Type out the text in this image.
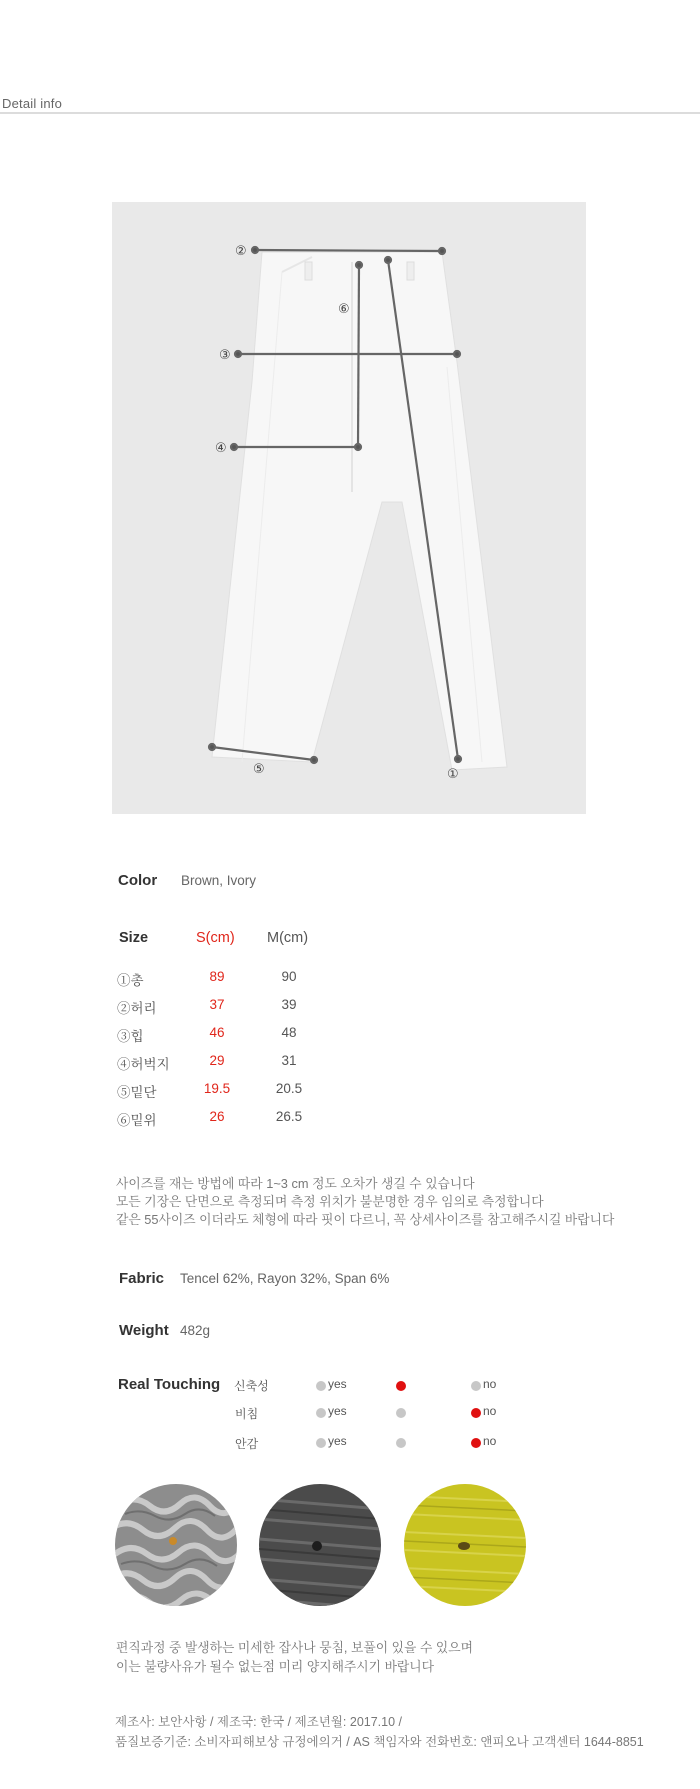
Detail info
②
①
⑥
③
④
⑤
Color Brown, Ivory
Size	S(cm) M(cm)
①총	89	90
②허리	37	39
③힙	46	48
④허벅지	29	31
⑤밑단	19.5	20.5
⑥밑위	26	26.5
사이즈를 재는 방법에 따라 1~3 cm 정도 오차가 생길 수 있습니다
모든 기장은 단면으로 측정되며 측정 위치가 불분명한 경우 임의로 측정합니다
같은 55사이즈 이더라도 체형에 따라 핏이 다르니, 꼭 상세사이즈를 참고해주시길 바랍니다
Fabric Tencel 62%, Rayon 32%, Span 6%
Weight 482g
Real Touching 신축성	yes	no
비침	yes	no
안감	yes	no
편직과정 중 발생하는 미세한 잡사나 뭉침, 보풀이 있을 수 있으며
이는 불량사유가 될수 없는점 미리 양지해주시기 바랍니다
제조사: 보안사항 / 제조국: 한국 / 제조년월: 2017.10 /
품질보증기준: 소비자피해보상 규정에의거 / AS 책임자와 전화번호: 앤피오나 고객센터 1644-8851
